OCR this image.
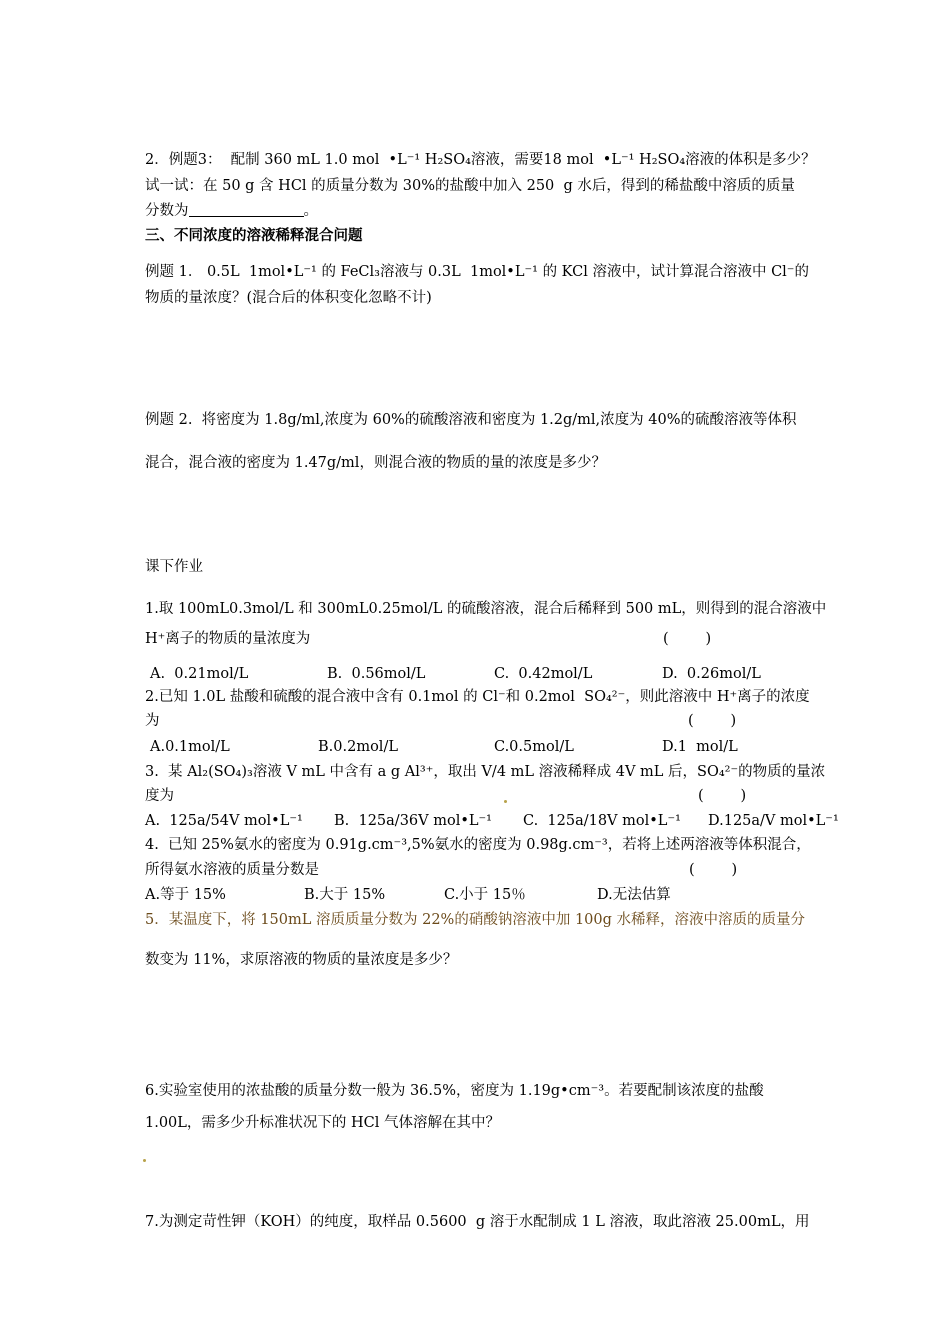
2．例题3：  配制 360 mL 1.0 mol  •L⁻¹ H₂SO₄溶液，需要18 mol  •L⁻¹ H₂SO₄溶液的体积是多少？
试一试：在 50 g 含 HCl 的质量分数为 30%的盐酸中加入 250  g 水后，得到的稀盐酸中溶质的质量
分数为	。
三、不同浓度的溶液稀释混合问题
例题 1． 0.5L  1mol•L⁻¹ 的 FeCl₃溶液与 0.3L  1mol•L⁻¹ 的 KCl 溶液中，试计算混合溶液中 Cl⁻的
物质的量浓度？(混合后的体积变化忽略不计)
例题 2.  将密度为 1.8g/ml,浓度为 60%的硫酸溶液和密度为 1.2g/ml,浓度为 40%的硫酸溶液等体积
混合，混合液的密度为 1.47g/ml，则混合液的物质的量的浓度是多少？
课下作业
1.取 100mL0.3mol/L 和 300mL0.25mol/L 的硫酸溶液，混合后稀释到 500 mL，则得到的混合溶液中
H⁺离子的物质的量浓度为	(        )
A.  0.21mol/L	B.  0.56mol/L	C.  0.42mol/L	D.  0.26mol/L
2.已知 1.0L 盐酸和硫酸的混合液中含有 0.1mol 的 Cl⁻和 0.2mol  SO₄²⁻，则此溶液中 H⁺离子的浓度
为	(        )
A.0.1mol/L	B.0.2mol/L	C.0.5mol/L	D.1  mol/L
3.  某 Al₂(SO₄)₃溶液 V mL 中含有 a g Al³⁺，取出 V/4 mL 溶液稀释成 4V mL 后，SO₄²⁻的物质的量浓
度为	(        )
A.  125a/54V mol•L⁻¹ B.  125a/36V mol•L⁻¹ C.  125a/18V mol•L⁻¹ D.125a/V mol•L⁻¹
4.  已知 25%氨水的密度为 0.91g.cm⁻³,5%氨水的密度为 0.98g.cm⁻³，若将上述两溶液等体积混合，
所得氨水溶液的质量分数是	(        )
A.等于 15%	B.大于 15%	C.小于 15％	D.无法估算
5．某温度下，将 150mL 溶质质量分数为 22%的硝酸钠溶液中加 100g 水稀释，溶液中溶质的质量分
数变为 11%，求原溶液的物质的量浓度是多少？
6.实验室使用的浓盐酸的质量分数一般为 36.5%，密度为 1.19g•cm⁻³。若要配制该浓度的盐酸
1.00L，需多少升标准状况下的 HCl 气体溶解在其中？
7.为测定苛性钾（KOH）的纯度，取样品 0.5600  g 溶于水配制成 1 L 溶液，取此溶液 25.00mL，用
